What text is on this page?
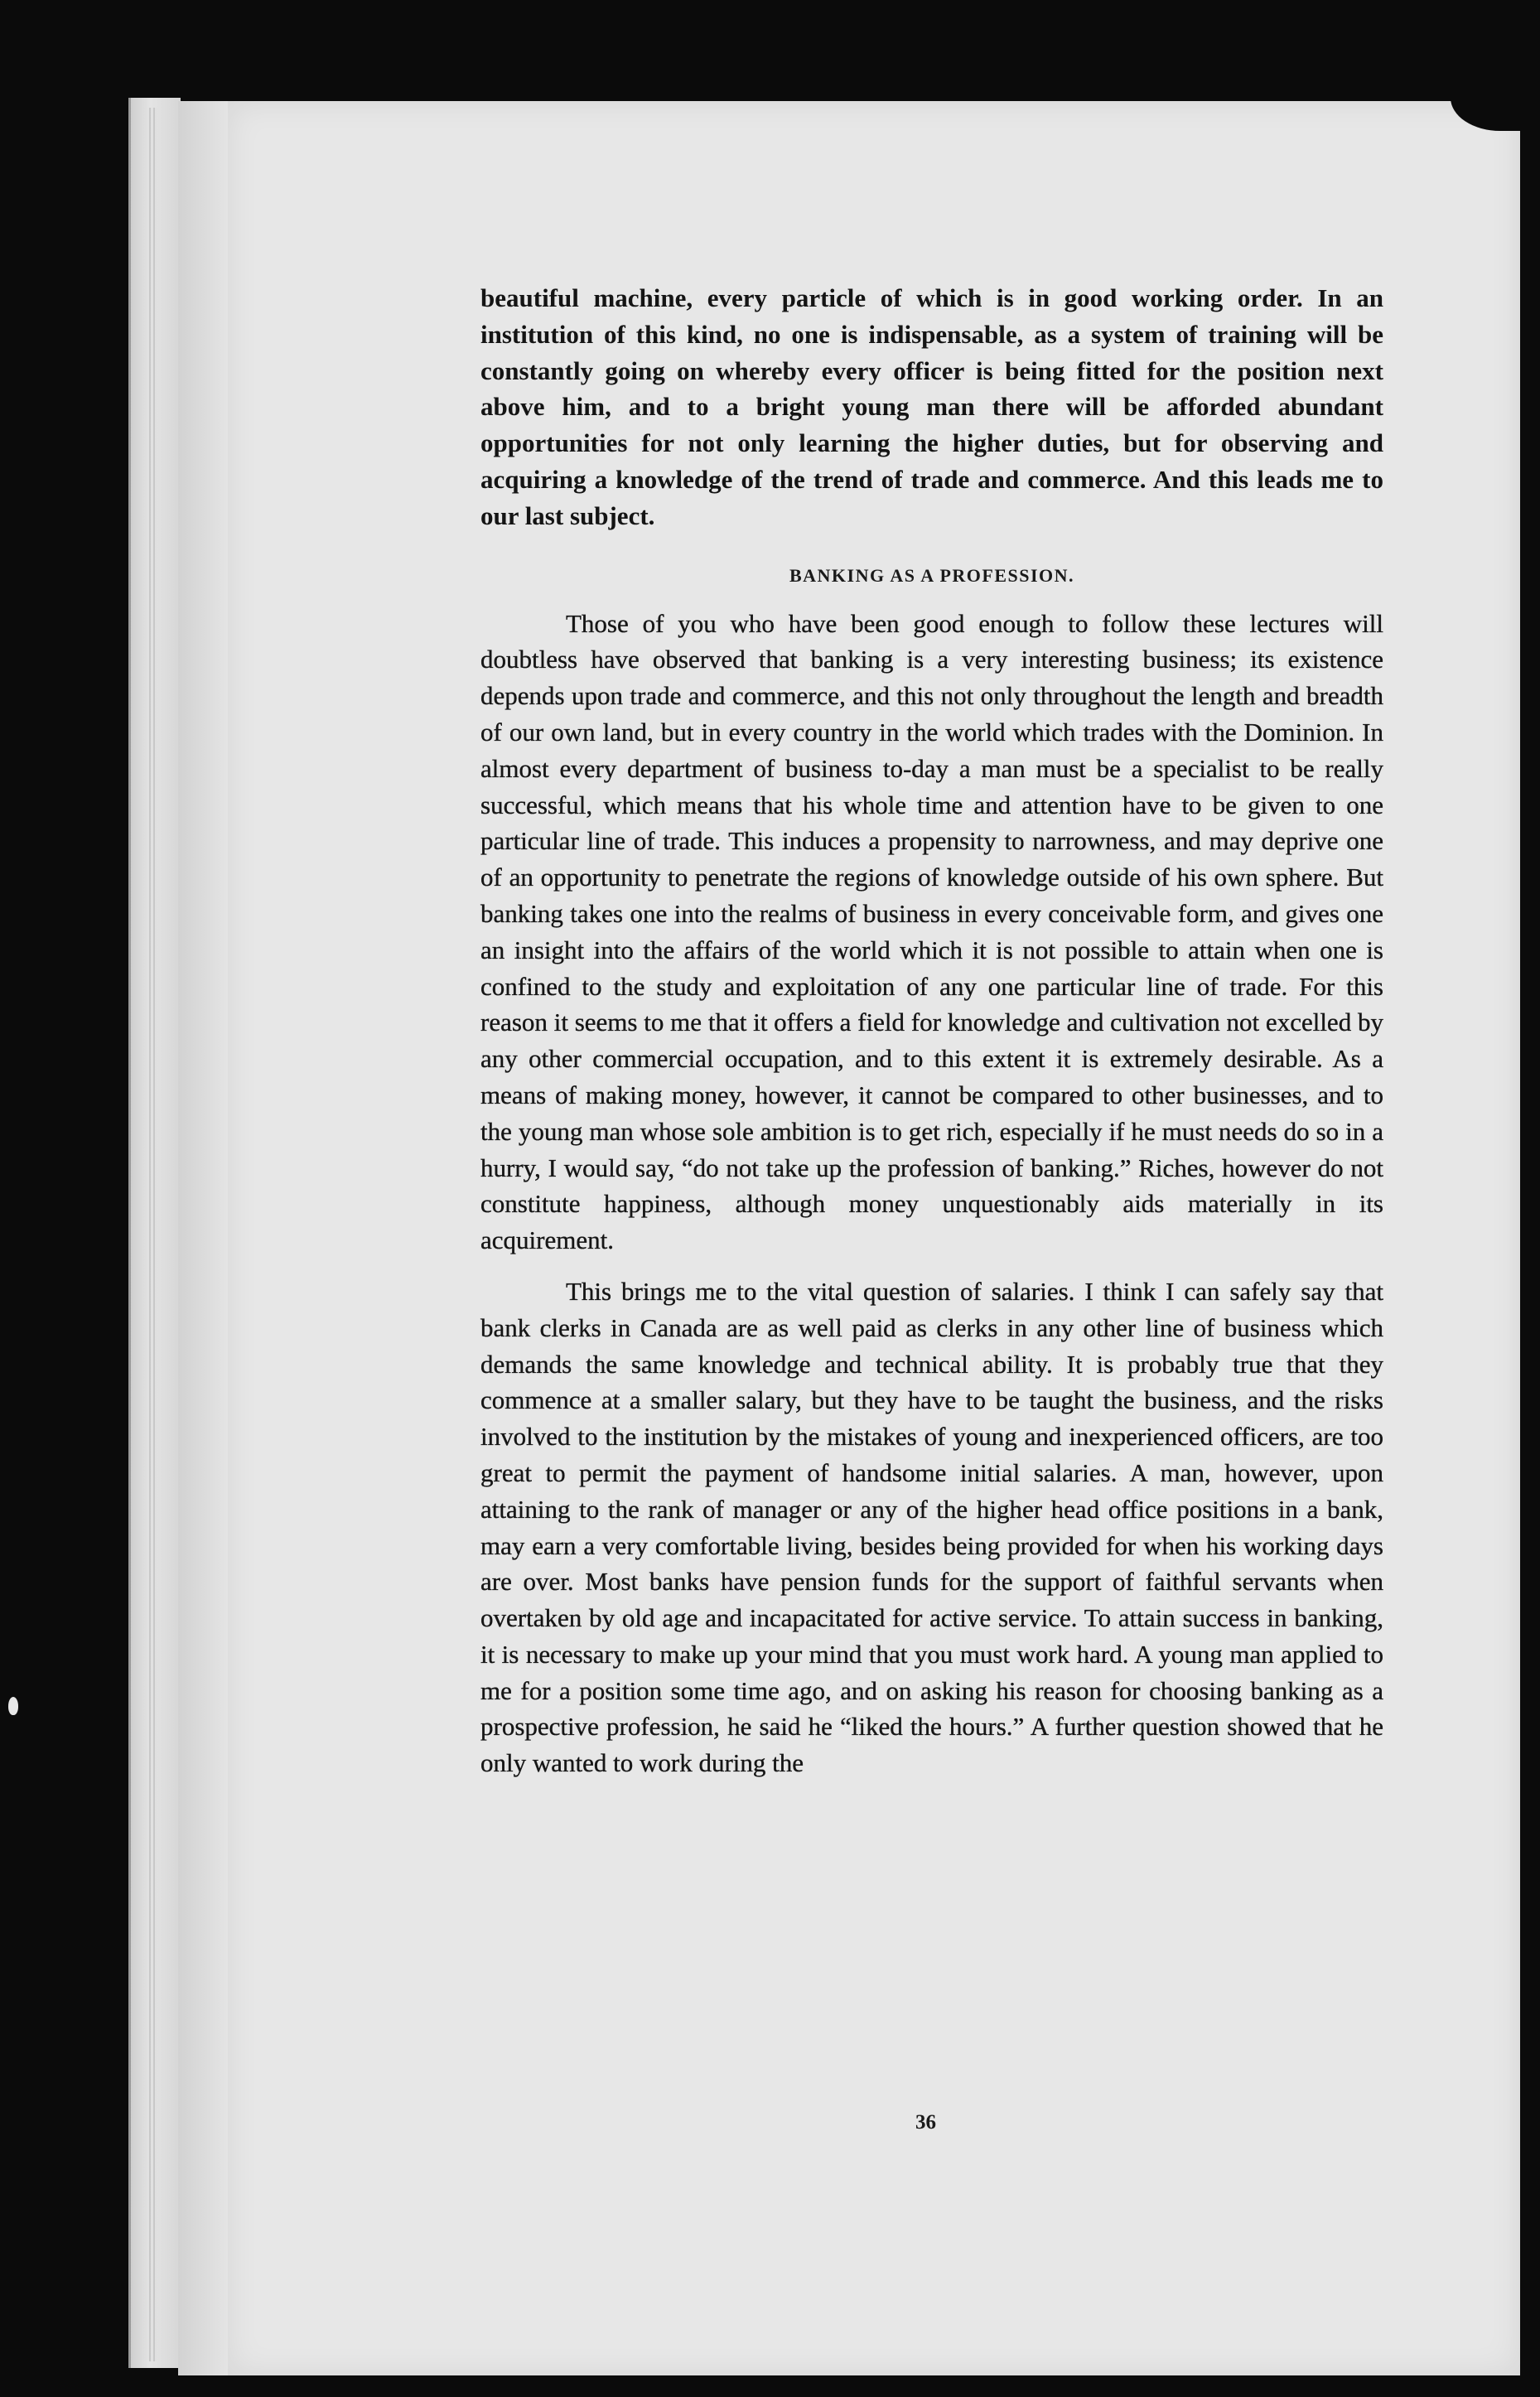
beautiful machine, every particle of which is in good working order. In an institution of this kind, no one is indispensable, as a system of training will be constantly going on whereby every officer is being fitted for the position next above him, and to a bright young man there will be afforded abundant opportunities for not only learning the higher duties, but for observing and acquiring a knowledge of the trend of trade and commerce. And this leads me to our last subject.

BANKING AS A PROFESSION.

Those of you who have been good enough to follow these lectures will doubtless have observed that banking is a very interesting business; its existence depends upon trade and commerce, and this not only throughout the length and breadth of our own land, but in every country in the world which trades with the Dominion. In almost every department of business to-day a man must be a specialist to be really successful, which means that his whole time and attention have to be given to one particular line of trade. This induces a propensity to narrowness, and may deprive one of an opportunity to penetrate the regions of knowledge outside of his own sphere. But banking takes one into the realms of business in every conceivable form, and gives one an insight into the affairs of the world which it is not possible to attain when one is confined to the study and exploitation of any one particular line of trade. For this reason it seems to me that it offers a field for knowledge and cultivation not excelled by any other commercial occupation, and to this extent it is extremely desirable. As a means of making money, however, it cannot be compared to other businesses, and to the young man whose sole ambition is to get rich, especially if he must needs do so in a hurry, I would say, “do not take up the profession of banking.” Riches, however do not constitute happiness, although money unquestionably aids materially in its acquirement.

This brings me to the vital question of salaries. I think I can safely say that bank clerks in Canada are as well paid as clerks in any other line of business which demands the same knowledge and technical ability. It is probably true that they commence at a smaller salary, but they have to be taught the business, and the risks involved to the institution by the mistakes of young and inexperienced officers, are too great to permit the payment of handsome initial salaries. A man, however, upon attaining to the rank of manager or any of the higher head office positions in a bank, may earn a very comfortable living, besides being provided for when his working days are over. Most banks have pension funds for the support of faithful servants when overtaken by old age and incapacitated for active service. To attain success in banking, it is necessary to make up your mind that you must work hard. A young man applied to me for a position some time ago, and on asking his reason for choosing banking as a prospective profession, he said he “liked the hours.” A further question showed that he only wanted to work during the

36
